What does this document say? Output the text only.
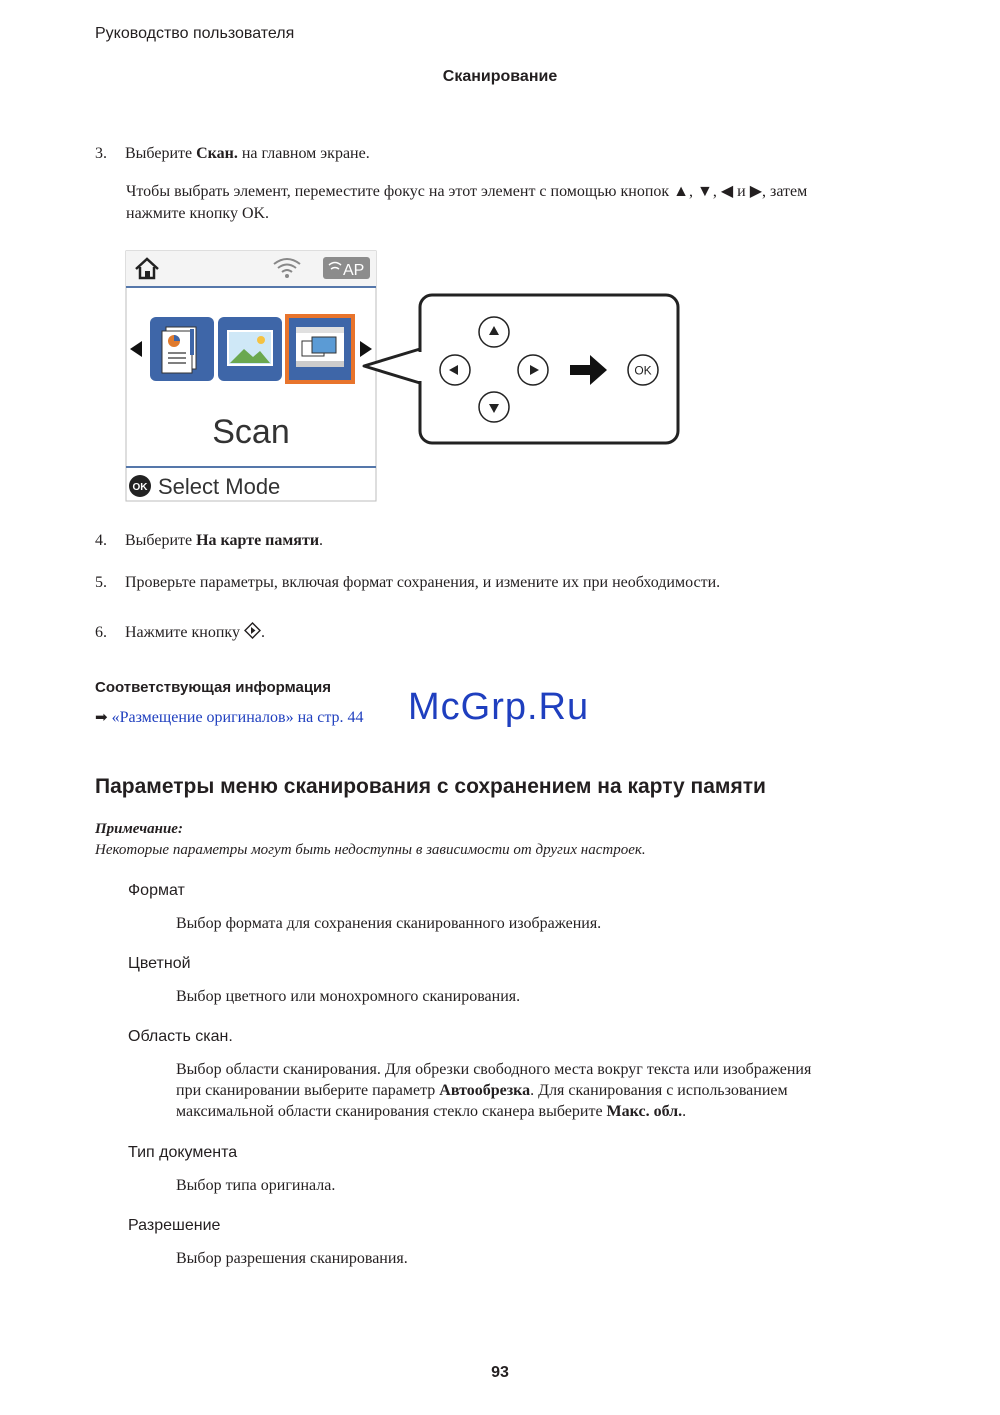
Руководство пользователя
Сканирование
3. Выберите Скан. на главном экране.
Чтобы выбрать элемент, переместите фокус на этот элемент с помощью кнопок ▲, ▼, ◀ и ▶, затем
нажмите кнопку OK.
AP
Scan
OK Select Mode
OK
4. Выберите На карте памяти.
5. Проверьте параметры, включая формат сохранения, и измените их при необходимости.
6. Нажмите кнопку .
Соответствующая информация
➡ «Размещение оригиналов» на стр. 44 McGrp.Ru
Параметры меню сканирования с сохранением на карту памяти
Примечание:
Некоторые параметры могут быть недоступны в зависимости от других настроек.
Формат
Выбор формата для сохранения сканированного изображения.
Цветной
Выбор цветного или монохромного сканирования.
Область скан.
Выбор области сканирования. Для обрезки свободного места вокруг текста или изображения
при сканировании выберите параметр Автообрезка. Для сканирования с использованием
максимальной области сканирования стекло сканера выберите Макс. обл..
Тип документа
Выбор типа оригинала.
Разрешение
Выбор разрешения сканирования.
93
